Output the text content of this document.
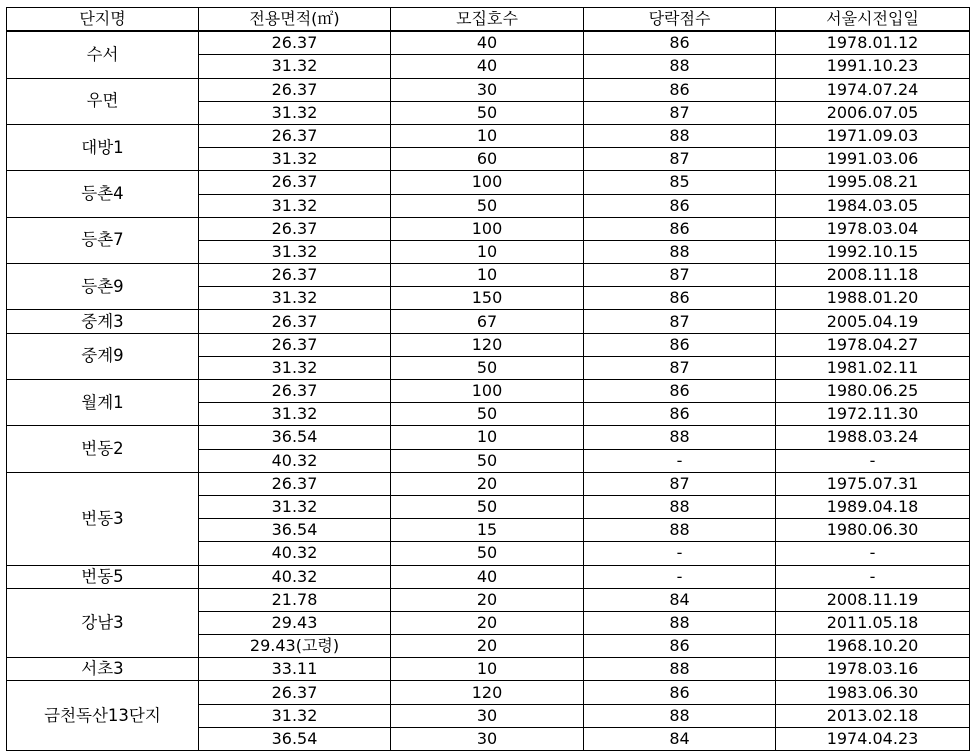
단지명	전용면적(㎡)	모집호수	당락점수	서울시전입일
수서	26.37	40	86	1978.01.12
	31.32	40	88	1991.10.23
우면	26.37	30	86	1974.07.24
	31.32	50	87	2006.07.05
대방1	26.37	10	88	1971.09.03
	31.32	60	87	1991.03.06
등촌4	26.37	100	85	1995.08.21
	31.32	50	86	1984.03.05
등촌7	26.37	100	86	1978.03.04
	31.32	10	88	1992.10.15
등촌9	26.37	10	87	2008.11.18
	31.32	150	86	1988.01.20
중계3	26.37	67	87	2005.04.19
중계9	26.37	120	86	1978.04.27
	31.32	50	87	1981.02.11
월계1	26.37	100	86	1980.06.25
	31.32	50	86	1972.11.30
번동2	36.54	10	88	1988.03.24
	40.32	50	-	-
번동3	26.37	20	87	1975.07.31
	31.32	50	88	1989.04.18
	36.54	15	88	1980.06.30
	40.32	50	-	-
번동5	40.32	40	-	-
강남3	21.78	20	84	2008.11.19
	29.43	20	88	2011.05.18
	29.43(고령)	20	86	1968.10.20
서초3	33.11	10	88	1978.03.16
금천독산13단지	26.37	120	86	1983.06.30
	31.32	30	88	2013.02.18
	36.54	30	84	1974.04.23
